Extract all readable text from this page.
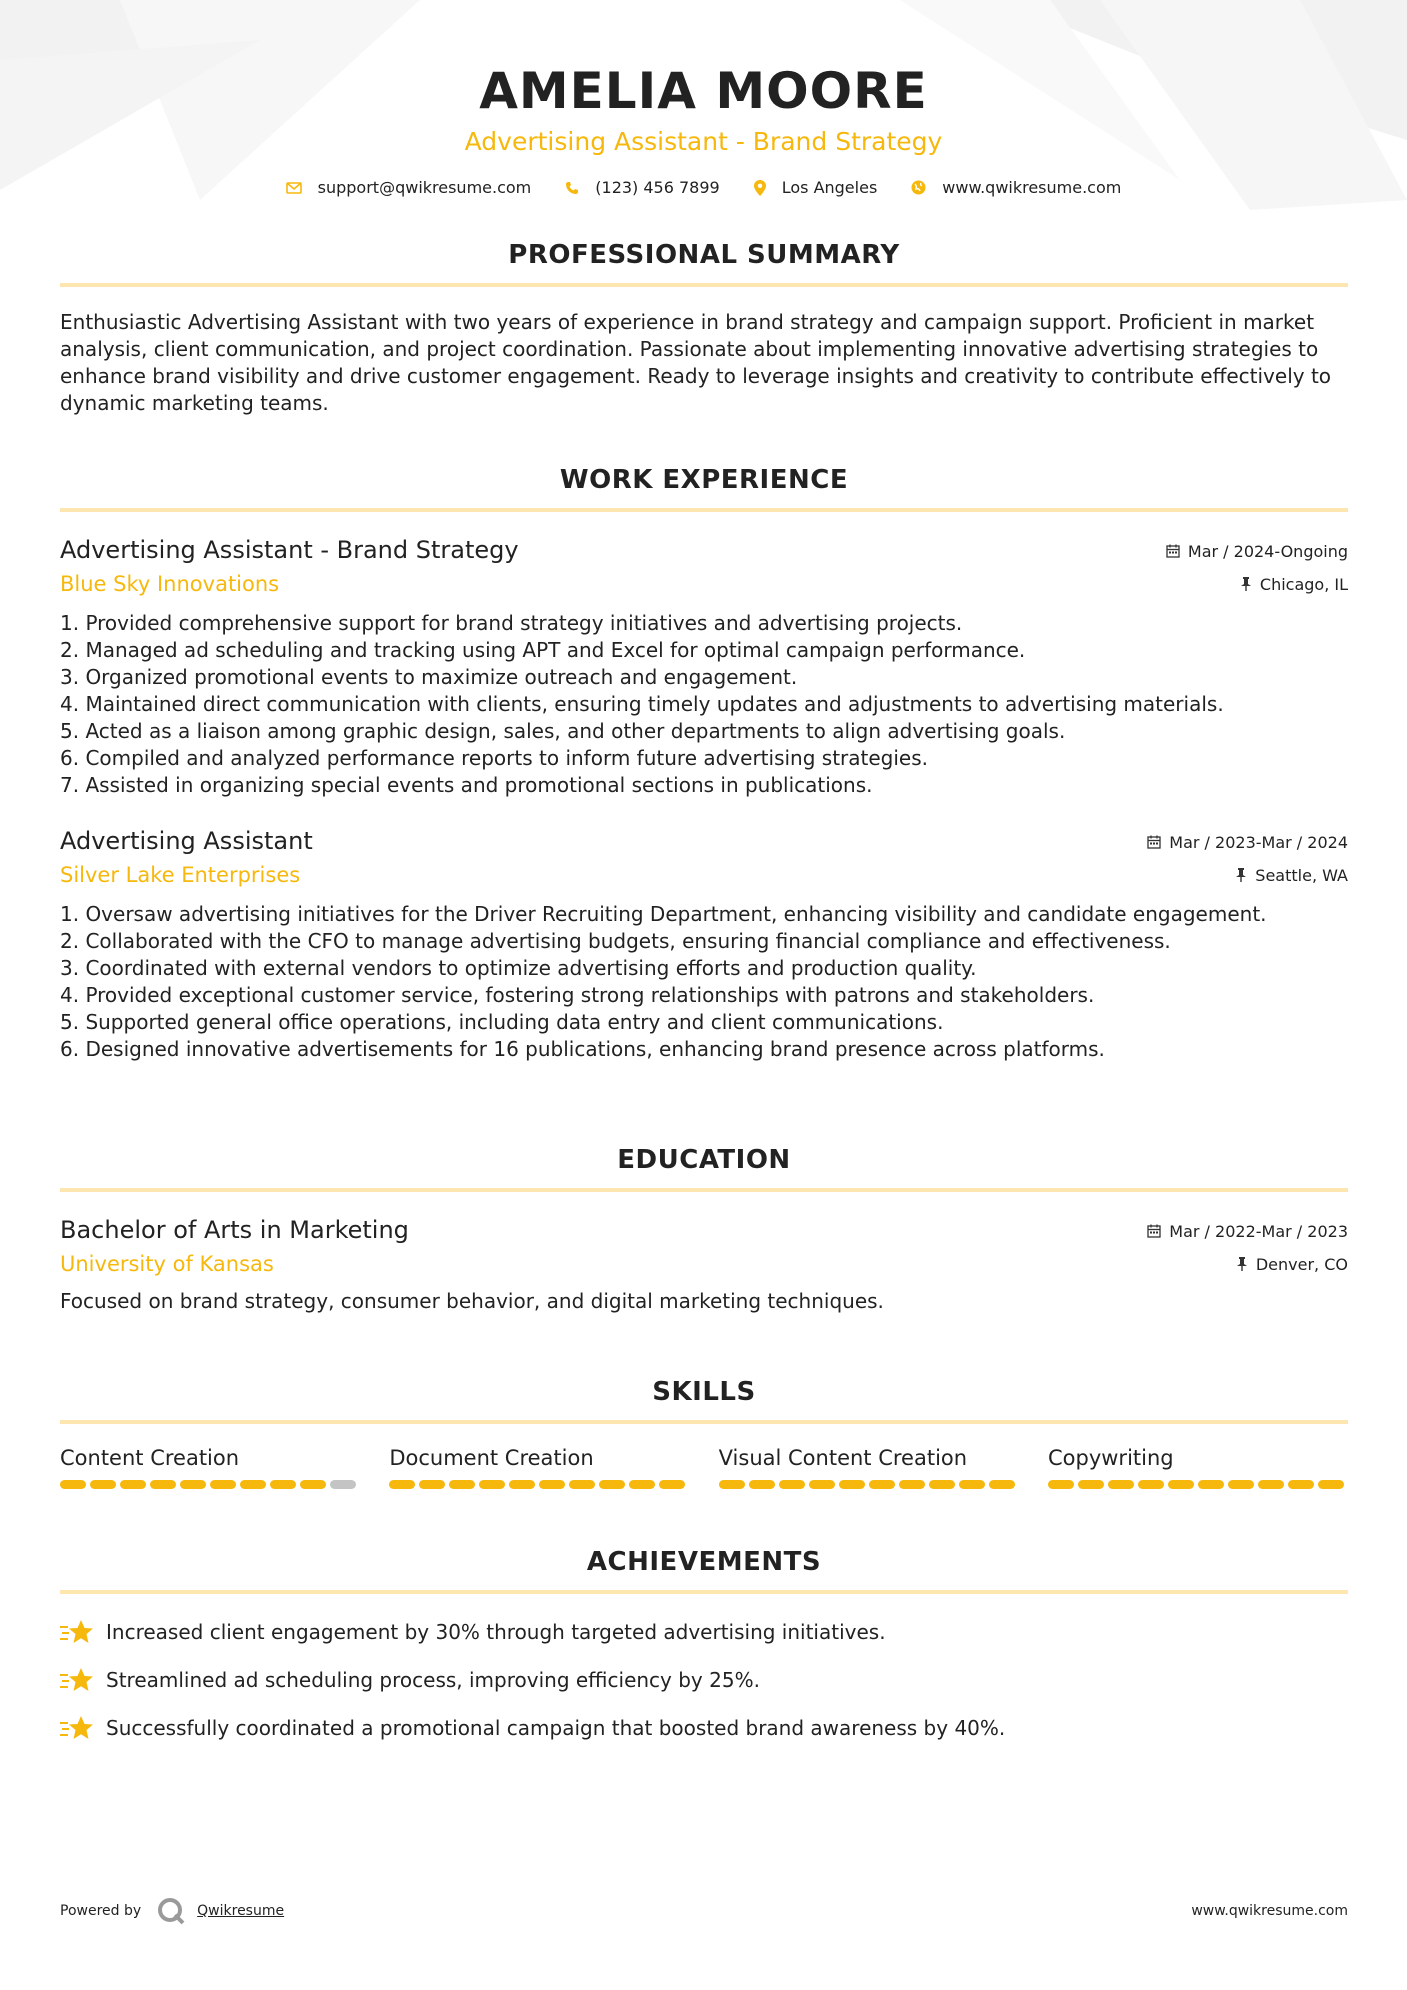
AMELIA MOORE
Advertising Assistant - Brand Strategy
support@qwikresume.com	(123) 456 7899	Los Angeles	www.qwikresume.com
PROFESSIONAL SUMMARY
Enthusiastic Advertising Assistant with two years of experience in brand strategy and campaign support. Proficient in market analysis, client communication, and project coordination. Passionate about implementing innovative advertising strategies to enhance brand visibility and drive customer engagement. Ready to leverage insights and creativity to contribute effectively to dynamic marketing teams.
WORK EXPERIENCE
Advertising Assistant - Brand Strategy	Mar / 2024-Ongoing
Blue Sky Innovations	Chicago, IL
1. Provided comprehensive support for brand strategy initiatives and advertising projects.
2. Managed ad scheduling and tracking using APT and Excel for optimal campaign performance.
3. Organized promotional events to maximize outreach and engagement.
4. Maintained direct communication with clients, ensuring timely updates and adjustments to advertising materials.
5. Acted as a liaison among graphic design, sales, and other departments to align advertising goals.
6. Compiled and analyzed performance reports to inform future advertising strategies.
7. Assisted in organizing special events and promotional sections in publications.
Advertising Assistant	Mar / 2023-Mar / 2024
Silver Lake Enterprises	Seattle, WA
1. Oversaw advertising initiatives for the Driver Recruiting Department, enhancing visibility and candidate engagement.
2. Collaborated with the CFO to manage advertising budgets, ensuring financial compliance and effectiveness.
3. Coordinated with external vendors to optimize advertising efforts and production quality.
4. Provided exceptional customer service, fostering strong relationships with patrons and stakeholders.
5. Supported general office operations, including data entry and client communications.
6. Designed innovative advertisements for 16 publications, enhancing brand presence across platforms.
EDUCATION
Bachelor of Arts in Marketing	Mar / 2022-Mar / 2023
University of Kansas	Denver, CO
Focused on brand strategy, consumer behavior, and digital marketing techniques.
SKILLS
Content Creation	Document Creation	Visual Content Creation	Copywriting
ACHIEVEMENTS
Increased client engagement by 30% through targeted advertising initiatives.
Streamlined ad scheduling process, improving efficiency by 25%.
Successfully coordinated a promotional campaign that boosted brand awareness by 40%.
Powered by	Qwikresume	www.qwikresume.com
